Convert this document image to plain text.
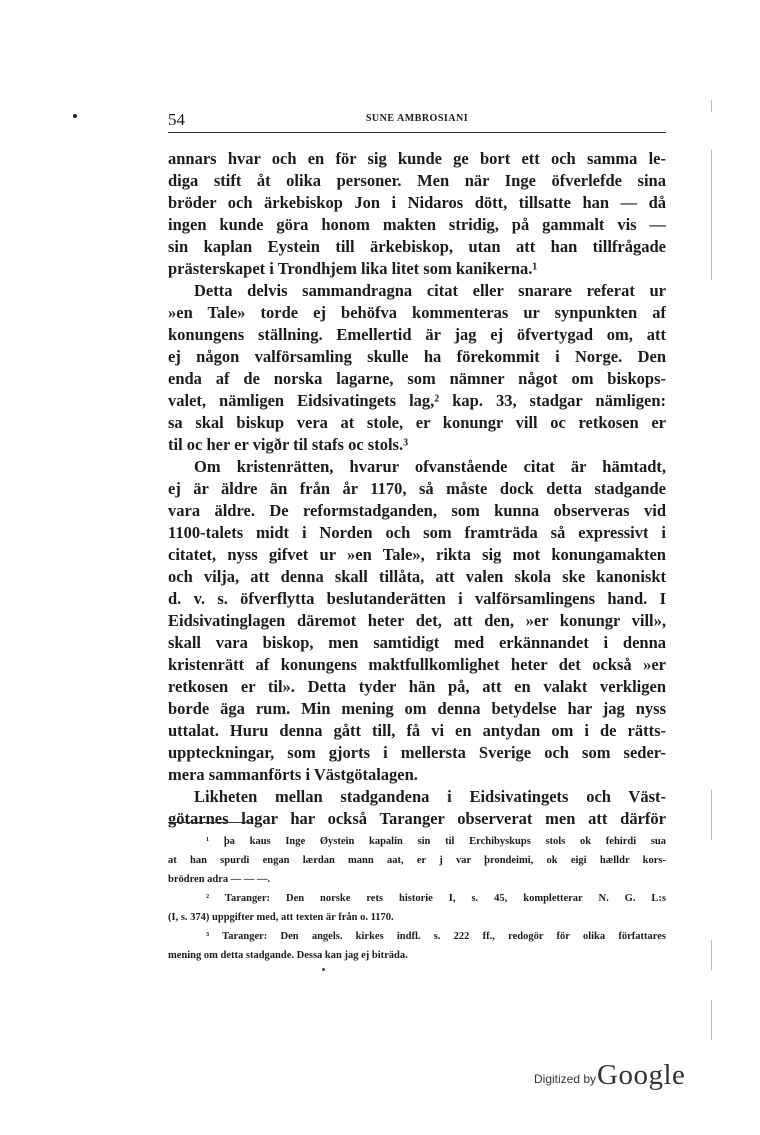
54	SUNE AMBROSIANI
annars hvar och en för sig kunde ge bort ett och samma le-
diga stift åt olika personer. Men när Inge öfverlefde sina
bröder och ärkebiskop Jon i Nidaros dött, tillsatte han — då
ingen kunde göra honom makten stridig, på gammalt vis —
sin kaplan Eystein till ärkebiskop, utan att han tillfrågade
prästerskapet i Trondhjem lika litet som kanikerna.¹
Detta delvis sammandragna citat eller snarare referat ur
»en Tale» torde ej behöfva kommenteras ur synpunkten af
konungens ställning. Emellertid är jag ej öfvertygad om, att
ej någon valförsamling skulle ha förekommit i Norge. Den
enda af de norska lagarne, som nämner något om biskops-
valet, nämligen Eidsivatingets lag,² kap. 33, stadgar nämligen:
sa skal biskup vera at stole, er konungr vill oc retkosen er
til oc her er vigðr til stafs oc stols.³
Om kristenrätten, hvarur ofvanstående citat är hämtadt,
ej är äldre än från år 1170, så måste dock detta stadgande
vara äldre. De reformstadganden, som kunna observeras vid
1100-talets midt i Norden och som framträda så expressivt i
citatet, nyss gifvet ur »en Tale», rikta sig mot konungamakten
och vilja, att denna skall tillåta, att valen skola ske kanoniskt
d. v. s. öfverflytta beslutanderätten i valförsamlingens hand. I
Eidsivatinglagen däremot heter det, att den, »er konungr vill»,
skall vara biskop, men samtidigt med erkännandet i denna
kristenrätt af konungens maktfullkomlighet heter det också »er
retkosen er til». Detta tyder hän på, att en valakt verkligen
borde äga rum. Min mening om denna betydelse har jag nyss
uttalat. Huru denna gått till, få vi en antydan om i de rätts-
uppteckningar, som gjorts i mellersta Sverige och som seder-
mera sammanförts i Västgötalagen.
Likheten mellan stadgandena i Eidsivatingets och Väst-
götarnes lagar har också Taranger observerat men att därför
¹ þa kaus Inge Øystein kapalin sin til Erchibyskups stols ok fehirdi sua
at han spurdi engan lærdan mann aat, er j var þrondeimi, ok eigi hælldr kors-
brödren adra — — —.
² Taranger: Den norske rets historie I, s. 45, kompletterar N. G. L:s
(I, s. 374) uppgifter med, att texten är från o. 1170.
³ Taranger: Den angels. kirkes indfl. s. 222 ff., redogör för olika författares
mening om detta stadgande. Dessa kan jag ej biträda.
Digitized by Google
